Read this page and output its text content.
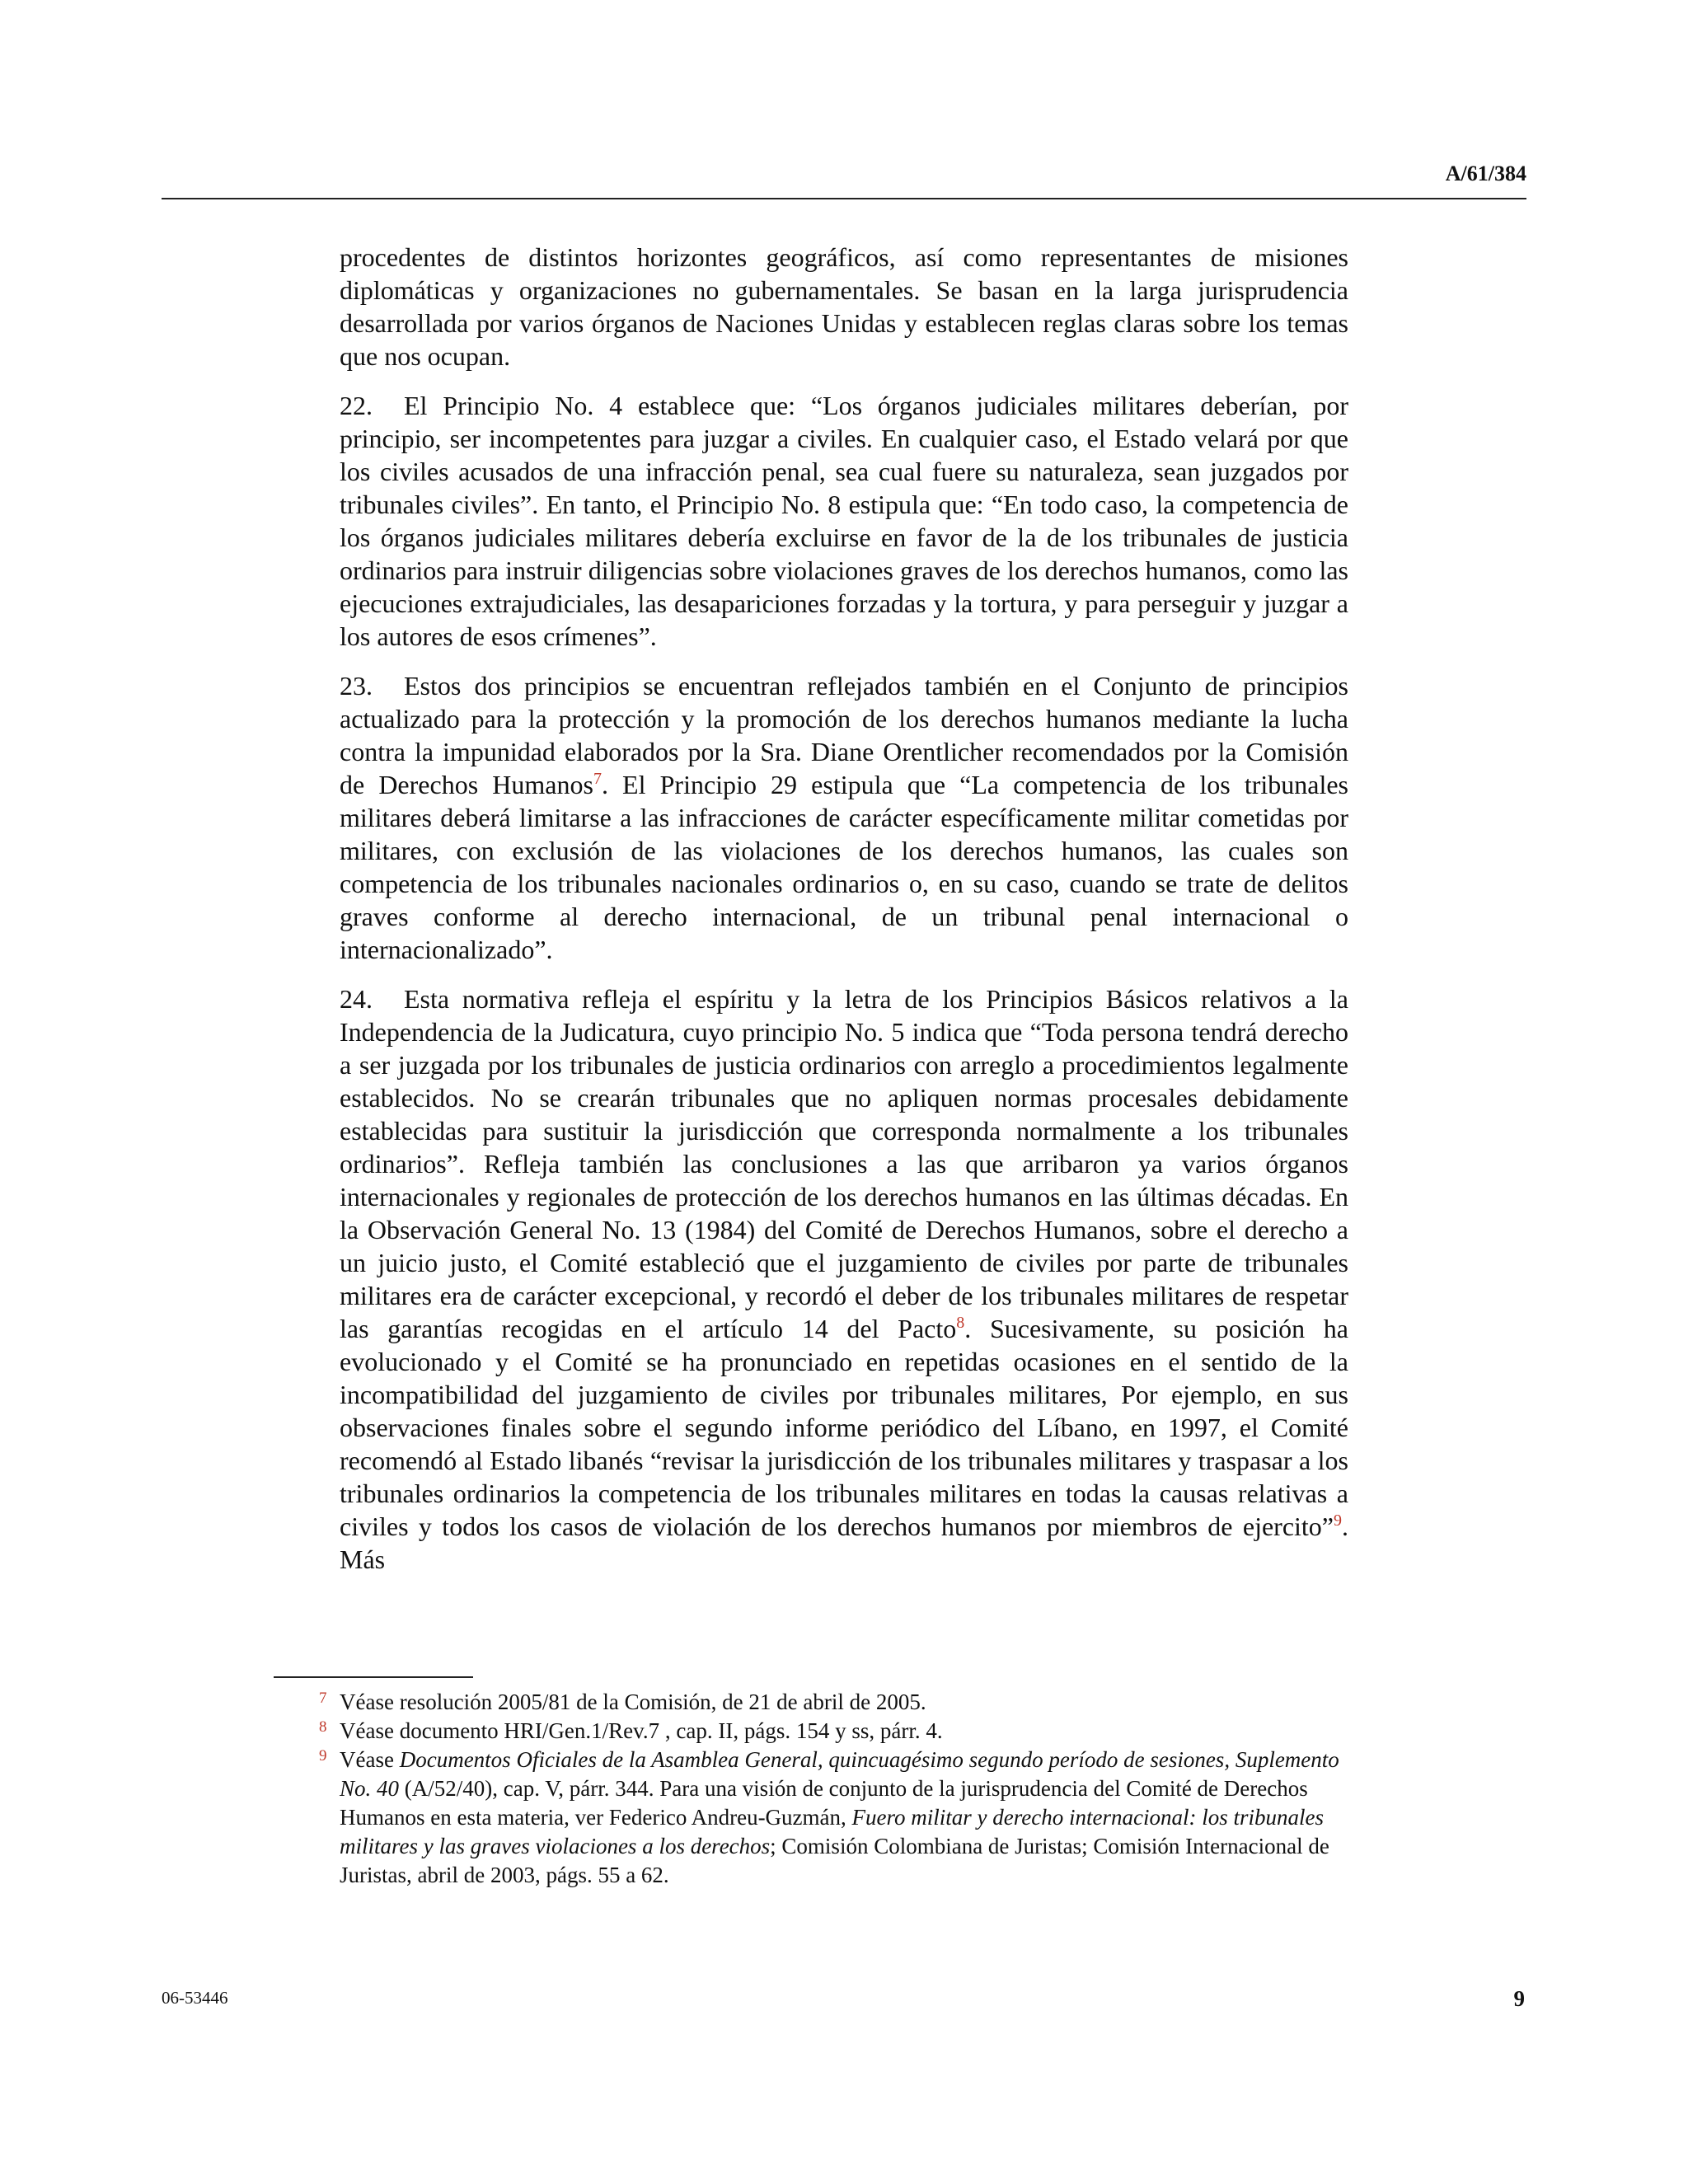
A/61/384

procedentes de distintos horizontes geográficos, así como representantes de misiones diplomáticas y organizaciones no gubernamentales. Se basan en la larga jurisprudencia desarrollada por varios órganos de Naciones Unidas y establecen reglas claras sobre los temas que nos ocupan.

22. El Principio No. 4 establece que: “Los órganos judiciales militares deberían, por principio, ser incompetentes para juzgar a civiles. En cualquier caso, el Estado velará por que los civiles acusados de una infracción penal, sea cual fuere su naturaleza, sean juzgados por tribunales civiles”. En tanto, el Principio No. 8 estipula que: “En todo caso, la competencia de los órganos judiciales militares debería excluirse en favor de la de los tribunales de justicia ordinarios para instruir diligencias sobre violaciones graves de los derechos humanos, como las ejecuciones extrajudiciales, las desapariciones forzadas y la tortura, y para perseguir y juzgar a los autores de esos crímenes”.

23. Estos dos principios se encuentran reflejados también en el Conjunto de principios actualizado para la protección y la promoción de los derechos humanos mediante la lucha contra la impunidad elaborados por la Sra. Diane Orentlicher recomendados por la Comisión de Derechos Humanos$^7$. El Principio 29 estipula que “La competencia de los tribunales militares deberá limitarse a las infracciones de carácter específicamente militar cometidas por militares, con exclusión de las violaciones de los derechos humanos, las cuales son competencia de los tribunales nacionales ordinarios o, en su caso, cuando se trate de delitos graves conforme al derecho internacional, de un tribunal penal internacional o internacionalizado”.

24. Esta normativa refleja el espíritu y la letra de los Principios Básicos relativos a la Independencia de la Judicatura, cuyo principio No. 5 indica que “Toda persona tendrá derecho a ser juzgada por los tribunales de justicia ordinarios con arreglo a procedimientos legalmente establecidos. No se crearán tribunales que no apliquen normas procesales debidamente establecidas para sustituir la jurisdicción que corresponda normalmente a los tribunales ordinarios”. Refleja también las conclusiones a las que arribaron ya varios órganos internacionales y regionales de protección de los derechos humanos en las últimas décadas. En la Observación General No. 13 (1984) del Comité de Derechos Humanos, sobre el derecho a un juicio justo, el Comité estableció que el juzgamiento de civiles por parte de tribunales militares era de carácter excepcional, y recordó el deber de los tribunales militares de respetar las garantías recogidas en el artículo 14 del Pacto$^8$. Sucesivamente, su posición ha evolucionado y el Comité se ha pronunciado en repetidas ocasiones en el sentido de la incompatibilidad del juzgamiento de civiles por tribunales militares, Por ejemplo, en sus observaciones finales sobre el segundo informe periódico del Líbano, en 1997, el Comité recomendó al Estado libanés “revisar la jurisdicción de los tribunales militares y traspasar a los tribunales ordinarios la competencia de los tribunales militares en todas la causas relativas a civiles y todos los casos de violación de los derechos humanos por miembros de ejercito”$^9$. Más

7 Véase resolución 2005/81 de la Comisión, de 21 de abril de 2005.

8 Véase documento HRI/Gen.1/Rev.7 , cap. II, págs. 154 y ss, párr. 4.

9 Véase Documentos Oficiales de la Asamblea General, quincuagésimo segundo período de sesiones, Suplemento No. 40 (A/52/40), cap. V, párr. 344. Para una visión de conjunto de la jurisprudencia del Comité de Derechos Humanos en esta materia, ver Federico Andreu-Guzmán, Fuero militar y derecho internacional: los tribunales militares y las graves violaciones a los derechos; Comisión Colombiana de Juristas; Comisión Internacional de Juristas, abril de 2003, págs. 55 a 62.

06-53446	9
